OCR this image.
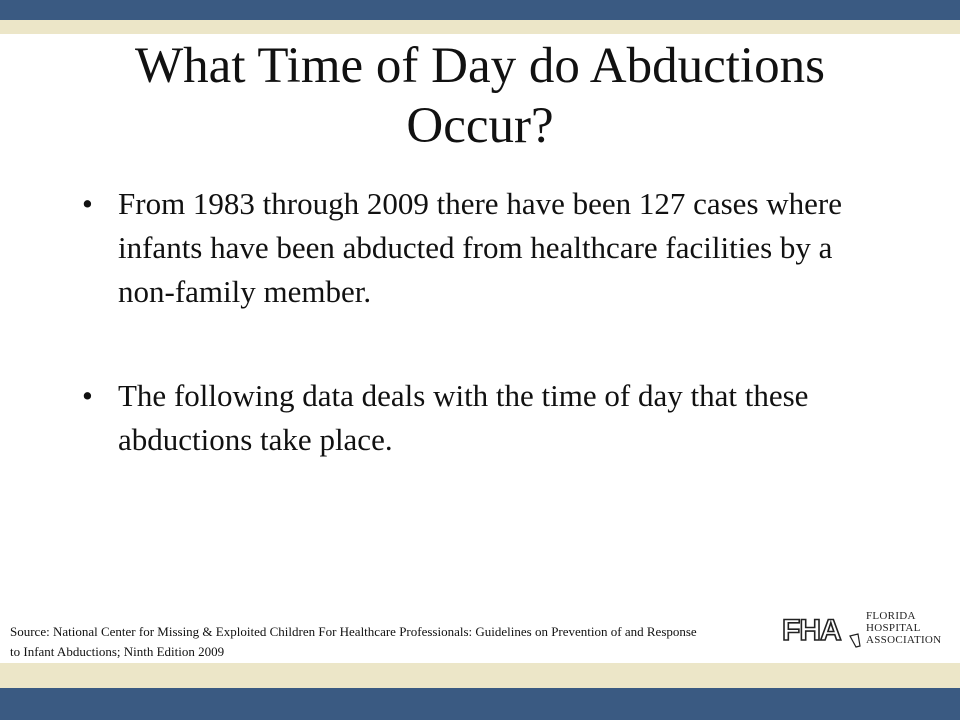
What Time of Day do Abductions Occur?
• From 1983 through 2009 there have been 127 cases where infants have been abducted from healthcare facilities by a non-family member.
• The following data deals with the time of day that these abductions take place.
Source: National Center for Missing & Exploited Children For Healthcare Professionals: Guidelines on Prevention of and Response to Infant Abductions; Ninth Edition 2009
FHA FLORIDA
HOSPITAL
ASSOCIATION
